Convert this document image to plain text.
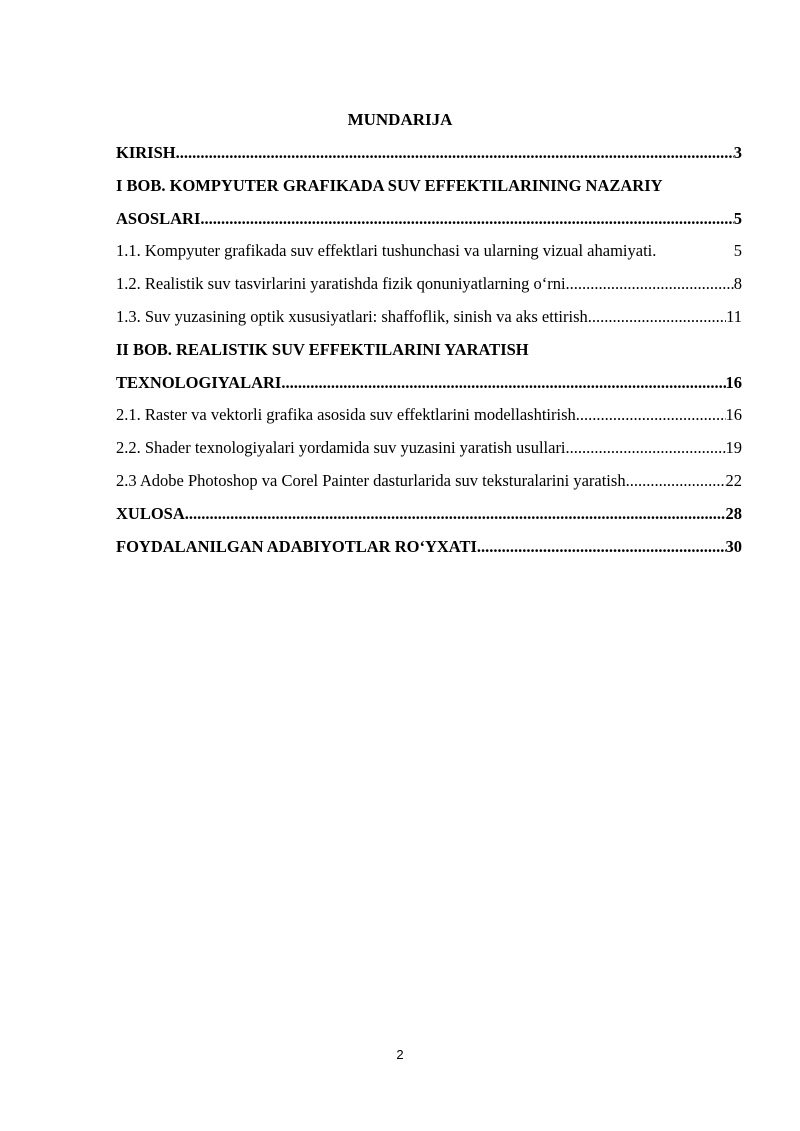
MUNDARIJA
KIRISH .....	3
I BOB. KOMPYUTER GRAFIKADA SUV EFFEKTILARINING NAZARIY
ASOSLARI .....	5
1.1. Kompyuter grafikada suv effektlari tushunchasi va ularning vizual ahamiyati.	5
1.2. Realistik suv tasvirlarini yaratishda fizik qonuniyatlarning o‘rni .....	8
1.3. Suv yuzasining optik xususiyatlari: shaffoflik, sinish va aks ettirish .....	11
II BOB. REALISTIK SUV EFFEKTILARINI YARATISH
TEXNOLOGIYALARI .....	16
2.1. Raster va vektorli grafika asosida suv effektlarini modellashtirish .....	16
2.2. Shader texnologiyalari yordamida suv yuzasini yaratish usullari .....	19
2.3 Adobe Photoshop va Corel Painter dasturlarida suv teksturalarini yaratish .....	22
XULOSA .....	28
FOYDALANILGAN ADABIYOTLAR RO‘YXATI .....	30
2
